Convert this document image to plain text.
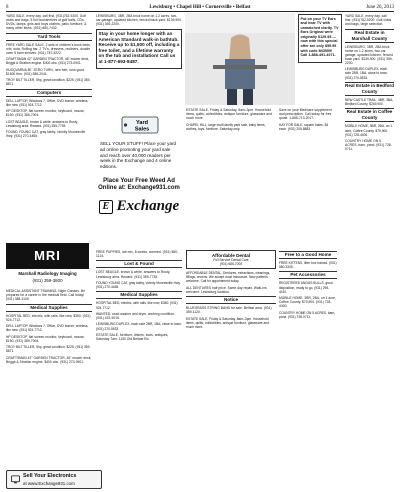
8	Lewisburg • Chapel Hill • Cornersville • Belfast	June 26, 2013

YARD SALE, every day, call first, (931)752-9200. Golf clubs and bags, 5 full bookshelves of golf balls, CDs, DVDs, lamps, girls and boys clothes, patio furniture, & many other items. (931) 680-7432.

Yard Tools

FREE YARD SALE SALE, 2 sets of children’s bunk beds, crib, sofa, Rolling bar, 2 TV’s, dressers, recliners, double oven 5 barn shelves. (931) 787-5222.

CRAFTSMAN 42" GARDEN TRACTOR, 46" mower deck, Briggs & Stratton engine. $400 obo. (931) 273-0901.

HUSQVARNA 50" ZERO TURN, new belt, runs good. $1500 firm. (931) 388-2041.

TROY BILT TILLER, 5hp, great condition. $225. (931) 359-8871.

Computers

DELL LAPTOP, Windows 7, Office, DVD burner, wireless, like new. (931) 924-7712.

HP DESKTOP, flat screen monitor, keyboard, mouse, $150. (931) 389-7004.

LOST BEAGLE, brown & white, answers to Rusty, Lewisburg area. Reward. (931) 359-7735.

FOUND YOUNG CAT, gray tabby, vicinity Mooresville Hwy. (931) 270-4465.

MRI
Marshall Radiology Imaging
(931) 359-3800

MEDICAL ASSISTANT TRAINING. Night Classes. Be prepared for a career in the medical field. Call today! (931) 388-1100.

Medical Supplies

HOSPITAL BED, electric, with rails, like new, $350. (931) 924-7712.

DELL LAPTOP, Windows 7, Office, DVD burner, wireless, like new. (931) 924-7712.

HP DESKTOP, flat screen monitor, keyboard, mouse, $150. (931) 389-7004.

TROY BILT TILLER, 5hp, great condition. $225. (931) 359-8871.

CRAFTSMAN 42" GARDEN TRACTOR, 46" mower deck, Briggs & Stratton engine. $400 obo. (931) 273-0901.

LEWISBURG, 3BR, 2BA brick home on 1.2 acres, two-car garage, updated kitchen, fenced back yard. $139,900. (931) 359-2200.

Stay in your home longer with an American Standard walk-in bathtub. Receive up to $1,500 off, including a free toilet, and a lifetime warranty on the tub and installation! Call us at 1-877-693-8487.

Yard
Sales
SELL YOUR STUFF! Place your yard ad online promoting your yard sale and reach over 40,000 readers per week in the Exchange and 4 online editions.
Place Your Free Weed Ad Online at: Exchange931.com
E Exchange

FREE PUPPIES, lab mix, 8 weeks, wormed. (931) 580-1124.

Lost & Found

LOST BEAGLE, brown & white, answers to Rusty, Lewisburg area. Reward. (931) 359-7735.

FOUND YOUNG CAT, gray tabby, vicinity Mooresville Hwy. (931) 270-4465.

Medical Supplies

HOSPITAL BED, electric, with rails, like new, $350. (931) 924-7712.

WANTED, used washer and dryer, working condition. (931) 422-9015.

LEWISBURG DUPLEX, each side 2BR, 1BA, close to town. (931) 270-5533.

ESTATE SALE, furniture, dishes, tools, antiques, Saturday 7am. 1150 Old Belfast Rd.

ESTATE SALE, Friday & Saturday, 8am–3pm. Household items, quilts, collectibles, antique furniture, glassware and much more.

CHAPEL HILL, large multi-family yard sale, baby items, clothes, toys, furniture. Saturday only.

Affordable Dental
Full Service Dental Care
(931) 685-7000

AFFORDABLE DENTAL. Dentures, extractions, cleanings, fillings, crowns. We accept most insurance. New patients welcome. Call for appointment today.

ALL DENTURES half price. Same day repair. Walk-ins welcome. Lewisburg location.

Notice

BLUEGRASS STRING BAND for sale, Belfast area. (931) 359-1120.

ESTATE SALE, Friday & Saturday, 8am–3pm. Household items, quilts, collectibles, antique furniture, glassware and much more.

Save on your Medicare supplement and prescription. Call today for free quote. 1-866-713-2017.

HAY FOR SALE, square bales, $4 each. (931) 205-8883.

Free to a Good Home

FREE KITTENS, litter box trained. (931) 580-3345.

Pet Accessories

REGISTERED ANGUS BULLS, good disposition, ready to go. (931) 295-4410.

MOBILE HOME, 3BR, 2BA, on 1 acre, Coffee County. $79,900. (931) 728-4400.

COUNTRY HOME ON 5 ACRES, barn, pond. (931) 728-0711.

Put on your TV Ears and hear TV with unmatched clarity. TV Ears Original were originally $129.95 — now with this special offer are only $59.95 with code MCB59! Call 1-888-491-4071.

YARD SALE, every day, call first. (931)752-9200. Golf clubs and bags, large selection.

Real Estate in Marshall County

LEWISBURG, 3BR, 2BA brick home on 1.2 acres, two-car garage, updated kitchen, fenced back yard. $139,900. (931) 359-2200.

LEWISBURG DUPLEX, each side 2BR, 1BA, close to town. (931) 270-5533.

Real Estate in Bedford County

NEW CASTLE TRAIL, 4BR, 3BA, Bedford County, $249,900.

Real Estate in Coffee County

MOBILE HOME, 3BR, 2BA, on 1 acre, Coffee County. $79,900. (931) 728-4400.

COUNTRY HOME ON 5 ACRES, barn, pond. (931) 728-0711.

Sell Your Electronics
at www.Exchange931.com
